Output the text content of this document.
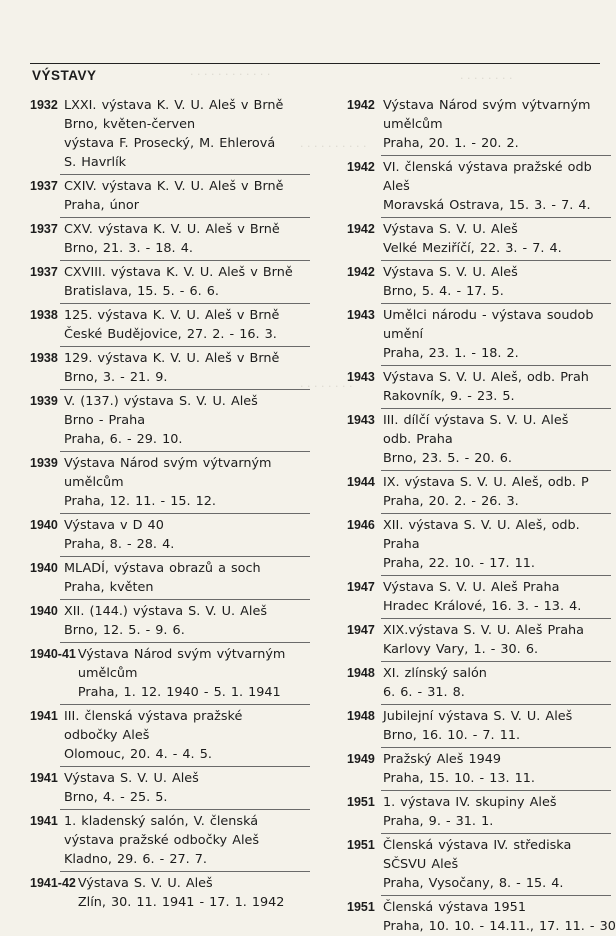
· · · · · · · · · · · ·	· · · · · · · ·
· · · · · · · · · ·
· · · · · · · ·
VÝSTAVY
1932 LXXI. výstava K. V. U. Aleš v Brně
Brno, květen-červen
výstava F. Prosecký, M. Ehlerová
S. Havrlík
1937 CXIV. výstava K. V. U. Aleš v Brně
Praha, únor
1937 CXV. výstava K. V. U. Aleš v Brně
Brno, 21. 3. - 18. 4.
1937 CXVIII. výstava K. V. U. Aleš v Brně
Bratislava, 15. 5. - 6. 6.
1938 125. výstava K. V. U. Aleš v Brně
České Budějovice, 27. 2. - 16. 3.
1938 129. výstava K. V. U. Aleš v Brně
Brno, 3. - 21. 9.
1939 V. (137.) výstava S. V. U. Aleš
Brno - Praha
Praha, 6. - 29. 10.
1939 Výstava Národ svým výtvarným
umělcům
Praha, 12. 11. - 15. 12.
1940 Výstava v D 40
Praha, 8. - 28. 4.
1940 MLADÍ, výstava obrazů a soch
Praha, květen
1940 XII. (144.) výstava S. V. U. Aleš
Brno, 12. 5. - 9. 6.
1940-41 Výstava Národ svým výtvarným
umělcům
Praha, 1. 12. 1940 - 5. 1. 1941
1941 III. členská výstava pražské
odbočky Aleš
Olomouc, 20. 4. - 4. 5.
1941 Výstava S. V. U. Aleš
Brno, 4. - 25. 5.
1941 1. kladenský salón, V. členská
výstava pražské odbočky Aleš
Kladno, 29. 6. - 27. 7.
1941-42 Výstava S. V. U. Aleš
Zlín, 30. 11. 1941 - 17. 1. 1942
1942 Výstava Národ svým výtvarným
umělcům
Praha, 20. 1. - 20. 2.
1942 VI. členská výstava pražské odb
Aleš
Moravská Ostrava, 15. 3. - 7. 4.
1942 Výstava S. V. U. Aleš
Velké Meziříčí, 22. 3. - 7. 4.
1942 Výstava S. V. U. Aleš
Brno, 5. 4. - 17. 5.
1943 Umělci národu - výstava soudob
umění
Praha, 23. 1. - 18. 2.
1943 Výstava S. V. U. Aleš, odb. Prah
Rakovník, 9. - 23. 5.
1943 III. dílčí výstava S. V. U. Aleš
odb. Praha
Brno, 23. 5. - 20. 6.
1944 IX. výstava S. V. U. Aleš, odb. P
Praha, 20. 2. - 26. 3.
1946 XII. výstava S. V. U. Aleš, odb.
Praha
Praha, 22. 10. - 17. 11.
1947 Výstava S. V. U. Aleš Praha
Hradec Králové, 16. 3. - 13. 4.
1947 XIX.výstava S. V. U. Aleš Praha
Karlovy Vary, 1. - 30. 6.
1948 XI. zlínský salón
6. 6. - 31. 8.
1948 Jubilejní výstava S. V. U. Aleš
Brno, 16. 10. - 7. 11.
1949 Pražský Aleš 1949
Praha, 15. 10. - 13. 11.
1951 1. výstava IV. skupiny Aleš
Praha, 9. - 31. 1.
1951 Členská výstava IV. střediska
SČSVU Aleš
Praha, Vysočany, 8. - 15. 4.
1951 Členská výstava 1951
Praha, 10. 10. - 14.11., 17. 11. - 30
